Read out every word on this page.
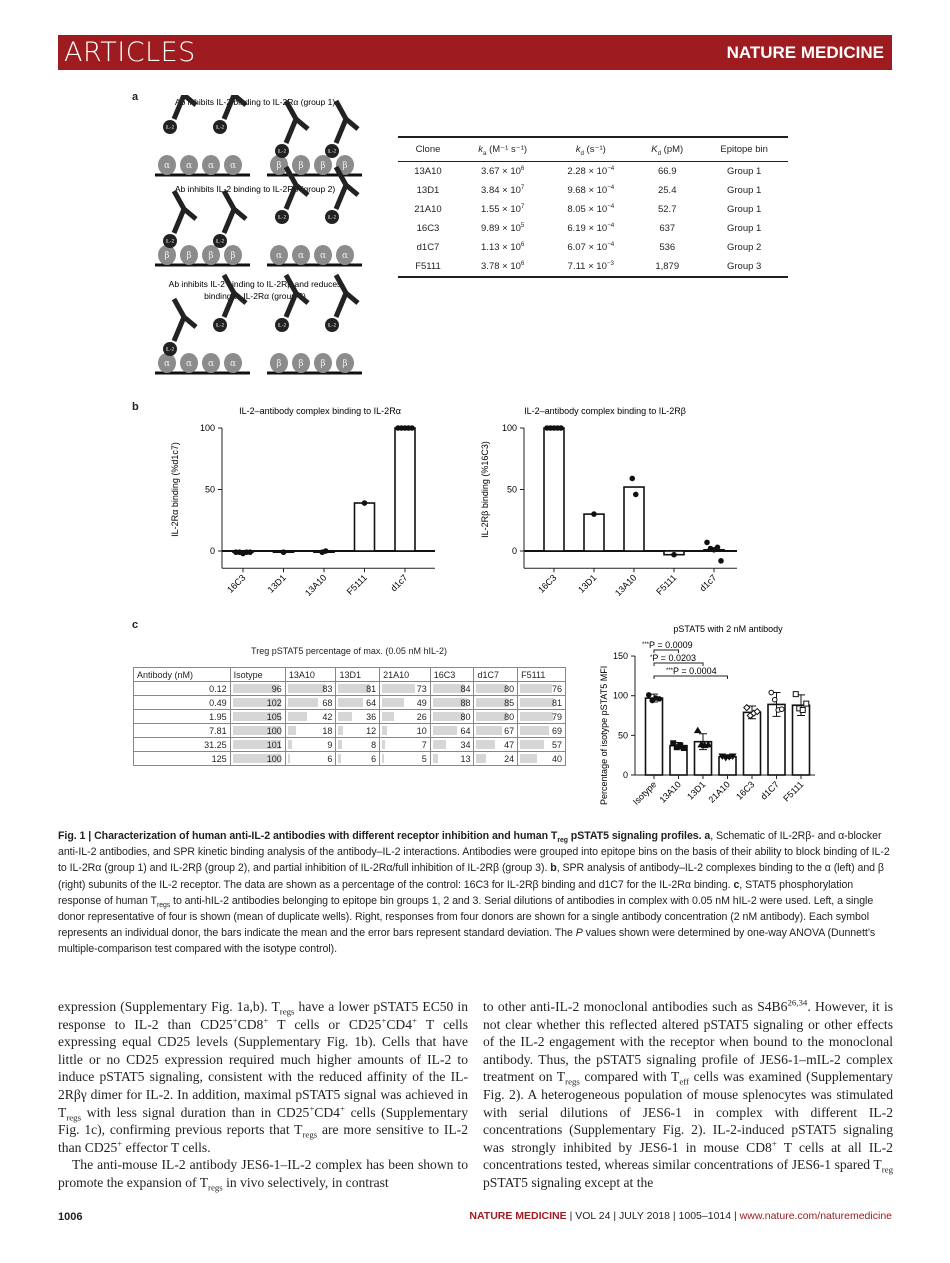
ARTICLES	NATURE MEDICINE
a	Ab inhibits IL-2 binding to IL-2Rα (group 1)
Ab inhibits IL-2 binding to IL-2Rβ (group 2)
Ab inhibits IL-2 binding to IL-2Rβ and reduces
binding to IL-2Rα (group 3)
α α α α
IL-2	IL-2
β β β β
IL-2	IL-2
β β β β
IL-2	IL-2
α α α α
IL-2	IL-2
α α α α
IL-2
IL-2
β β β β
IL-2	IL-2
Clone	$k_a$ (M⁻¹ s⁻¹)	$k_d$ (s⁻¹)	$K_d$ (pM)	Epitope bin
13A10	$3.67 \times 10^6$	$2.28 \times 10^{-4}$	66.9	Group 1
13D1	$3.84 \times 10^7$	$9.68 \times 10^{-4}$	25.4	Group 1
21A10	$1.55 \times 10^7$	$8.05 \times 10^{-4}$	52.7	Group 1
16C3	$9.89 \times 10^5$	$6.19 \times 10^{-4}$	637	Group 1
d1C7	$1.13 \times 10^6$	$6.07 \times 10^{-4}$	536	Group 2
F5111	$3.78 \times 10^6$	$7.11 \times 10^{-3}$	1,879	Group 3
b	IL-2–antibody complex binding to IL-2Rα
IL-2Rα binding (%d1c7)
0
50
100
16C3 13D1 13A10 F5111 d1c7
IL-2–antibody complex binding to IL-2Rβ
IL-2Rβ binding (%16C3)
0
50
100
16C3 13D1 13A10 F5111 d1c7
c
Treg pSTAT5 percentage of max. (0.05 nM hIL-2)
Antibody (nM)	Isotype	13A10	13D1	21A10	16C3	d1C7	F5111
0.12	96	83	81	73	84	80	76
0.49	102	68	64	49	88	85	81
1.95	105	42	36	26	80	80	79
7.81	100	18	12	10	64	67	69
31.25	101	9	8	7	34	47	57
125	100	6	6	5	13	24	40
pSTAT5 with 2 nM antibody
Percentage of isotype pSTAT5 MFI 0
50
100
150
Isotype 13A10 13D1 21A10 16C3 d1C7 F5111
***P = 0.0009
*P = 0.0203
***P = 0.0004
Fig. 1 | Characterization of human anti-IL-2 antibodies with different receptor inhibition and human $T_{reg}$ pSTAT5 signaling profiles. a, Schematic of IL-2Rβ- and α-blocker anti-IL-2 antibodies, and SPR kinetic binding analysis of the antibody–IL-2 interactions. Antibodies were grouped into epitope bins on the basis of their ability to block binding of IL-2 to IL-2Rα (group 1) and IL-2Rβ (group 2), and partial inhibition of IL-2Rα/full inhibition of IL-2Rβ (group 3). b, SPR analysis of antibody–IL-2 complexes binding to the α (left) and β (right) subunits of the IL-2 receptor. The data are shown as a percentage of the control: 16C3 for IL-2Rβ binding and d1C7 for the IL-2Rα binding. c, STAT5 phosphorylation response of human $T_{regs}$ to anti-hIL-2 antibodies belonging to epitope bin groups 1, 2 and 3. Serial dilutions of antibodies in complex with 0.05 nM hIL-2 were used. Left, a single donor representative of four is shown (mean of duplicate wells). Right, responses from four donors are shown for a single antibody concentration (2 nM antibody). Each symbol represents an individual donor, the bars indicate the mean and the error bars represent standard deviation. The P values shown were determined by one-way ANOVA (Dunnett’s multiple-comparison test compared with the isotype control).

expression (Supplementary Fig. 1a,b). $T_{regs}$ have a lower pSTAT5 EC50 in response to IL-2 than CD25+CD8+ T cells or CD25+CD4+ T cells expressing equal CD25 levels (Supplementary Fig. 1b). Cells that have little or no CD25 expression required much higher amounts of IL-2 to induce pSTAT5 signaling, consistent with the reduced affinity of the IL-2Rβγ dimer for IL-2. In addition, maximal pSTAT5 signal was achieved in $T_{regs}$ with less signal duration than in CD25+CD4+ cells (Supplementary Fig. 1c), confirming previous reports that $T_{regs}$ are more sensitive to IL-2 than CD25+ effector T cells.

The anti-mouse IL-2 antibody JES6-1–IL-2 complex has been shown to promote the expansion of $T_{regs}$ in vivo selectively, in contrast

to other anti-IL-2 monoclonal antibodies such as S4B6$^{26,34}$. However, it is not clear whether this reflected altered pSTAT5 signaling or other effects of the IL-2 engagement with the receptor when bound to the monoclonal antibody. Thus, the pSTAT5 signaling profile of JES6-1–mIL-2 complex treatment on $T_{regs}$ compared with $T_{eff}$ cells was examined (Supplementary Fig. 2). A heterogeneous population of mouse splenocytes was stimulated with serial dilutions of JES6-1 in complex with different IL-2 concentrations (Supplementary Fig. 2). IL-2-induced pSTAT5 signaling was strongly inhibited by JES6-1 in mouse CD8+ T cells at all IL-2 concentrations tested, whereas similar concentrations of JES6-1 spared $T_{reg}$ pSTAT5 signaling except at the

1006	NATURE MEDICINE | VOL 24 | JULY 2018 | 1005–1014 | www.nature.com/naturemedicine
